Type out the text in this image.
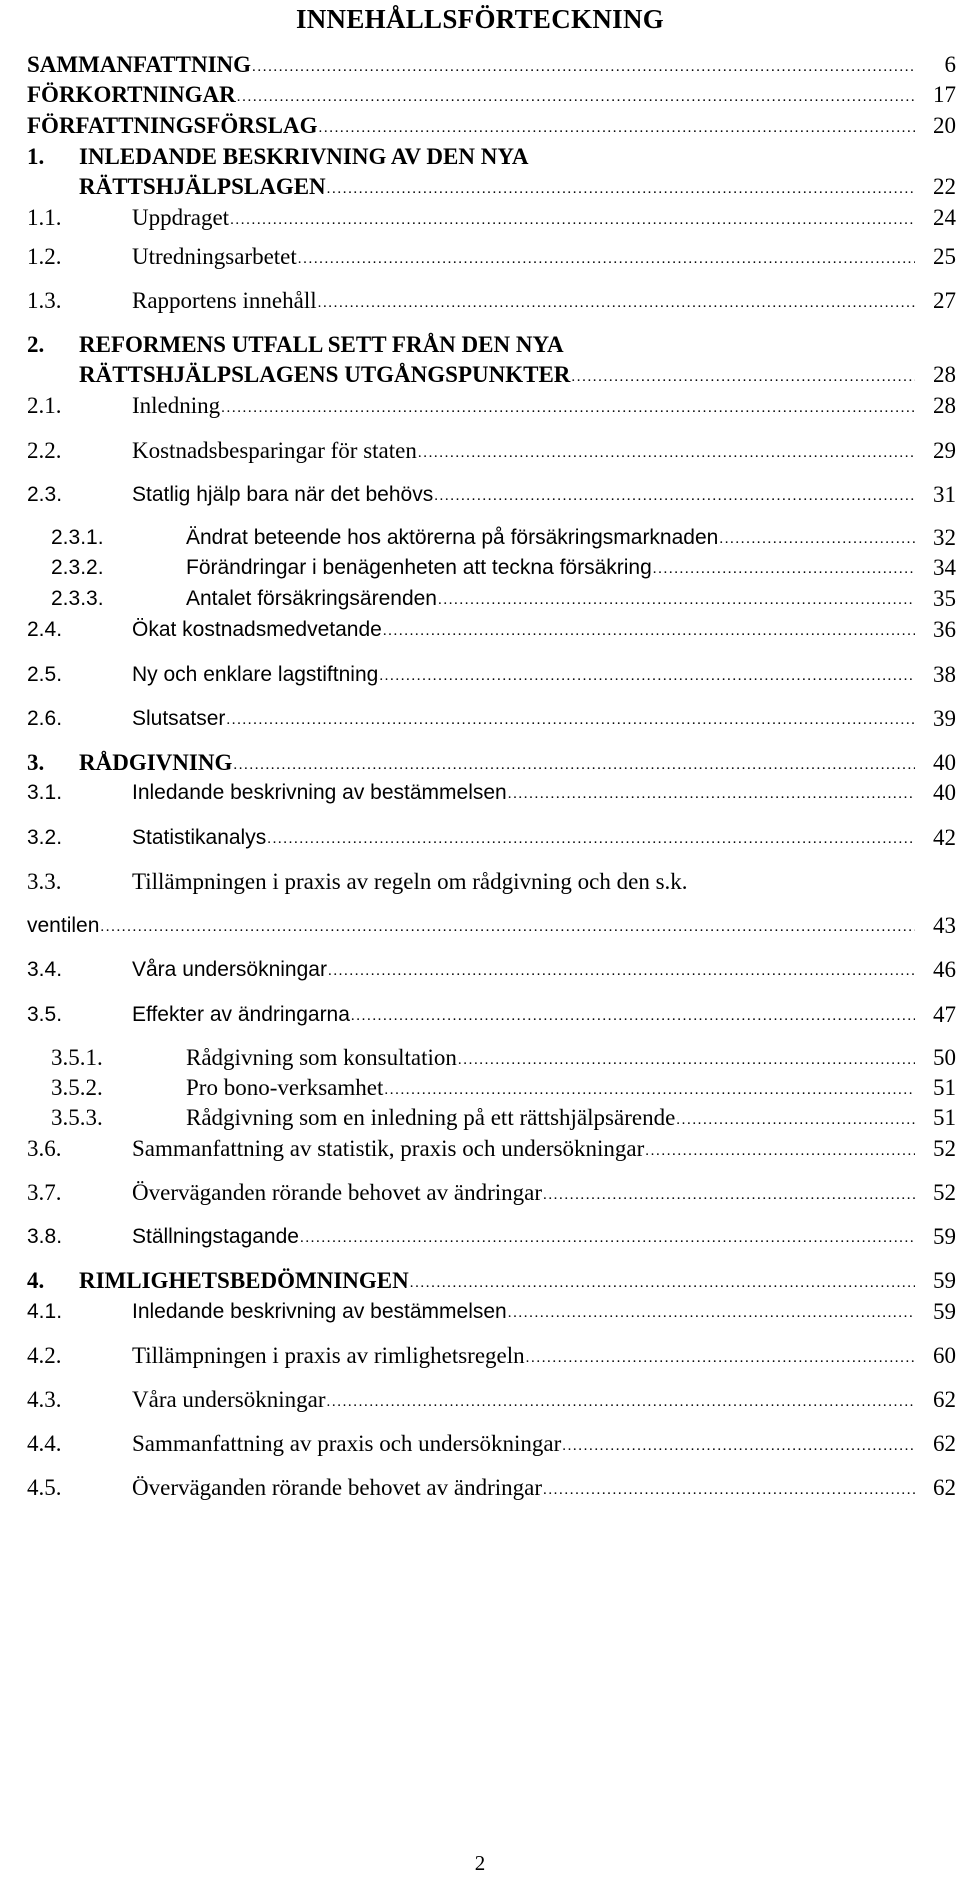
INNEHÅLLSFÖRTECKNING
SAMMANFATTNING .....	6
FÖRKORTNINGAR .....	17
FÖRFATTNINGSFÖRSLAG .....	20
1. INLEDANDE BESKRIVNING AV DEN NYA
RÄTTSHJÄLPSLAGEN .....	22
1.1.	Uppdraget .....	24
1.2.	Utredningsarbetet .....	25
1.3.	Rapportens innehåll .....	27
2. REFORMENS UTFALL SETT FRÅN DEN NYA
RÄTTSHJÄLPSLAGENS UTGÅNGSPUNKTER .....	28
2.1.	Inledning .....	28
2.2.	Kostnadsbesparingar för staten .....	29
2.3.	Statlig hjälp bara när det behövs .....	31
2.3.1.	Ändrat beteende hos aktörerna på försäkringsmarknaden .....	32
2.3.2.	Förändringar i benägenheten att teckna försäkring .....	34
2.3.3.	Antalet försäkringsärenden .....	35
2.4.	Ökat kostnadsmedvetande .....	36
2.5.	Ny och enklare lagstiftning .....	38
2.6.	Slutsatser .....	39
3. RÅDGIVNING .....	40
3.1.	Inledande beskrivning av bestämmelsen .....	40
3.2.	Statistikanalys .....	42
3.3.	Tillämpningen i praxis av regeln om rådgivning och den s.k.
ventilen .....	43
3.4.	Våra undersökningar .....	46
3.5.	Effekter av ändringarna .....	47
3.5.1.	Rådgivning som konsultation .....	50
3.5.2.	Pro bono-verksamhet .....	51
3.5.3.	Rådgivning som en inledning på ett rättshjälpsärende .....	51
3.6.	Sammanfattning av statistik, praxis och undersökningar .....	52
3.7.	Överväganden rörande behovet av ändringar .....	52
3.8.	Ställningstagande .....	59
4. RIMLIGHETSBEDÖMNINGEN .....	59
4.1.	Inledande beskrivning av bestämmelsen .....	59
4.2.	Tillämpningen i praxis av rimlighetsregeln .....	60
4.3.	Våra undersökningar .....	62
4.4.	Sammanfattning av praxis och undersökningar .....	62
4.5.	Överväganden rörande behovet av ändringar .....	62
2
